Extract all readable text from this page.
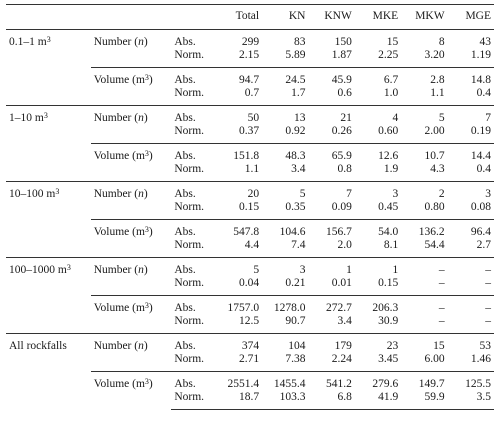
			Total	KN	KNW	MKE	MKW	MGE
0.1–1 $m^3$	Number (n)	Abs.	299	83	150	15	8	43
		Norm.	2.15	5.89	1.87	2.25	3.20	1.19
	Volume $(m^3)$	Abs.	94.7	24.5	45.9	6.7	2.8	14.8
		Norm.	0.7	1.7	0.6	1.0	1.1	0.4
1–10 $m^3$	Number (n)	Abs.	50	13	21	4	5	7
		Norm.	0.37	0.92	0.26	0.60	2.00	0.19
	Volume $(m^3)$	Abs.	151.8	48.3	65.9	12.6	10.7	14.4
		Norm.	1.1	3.4	0.8	1.9	4.3	0.4
10–100 $m^3$	Number (n)	Abs.	20	5	7	3	2	3
		Norm.	0.15	0.35	0.09	0.45	0.80	0.08
	Volume $(m^3)$	Abs.	547.8	104.6	156.7	54.0	136.2	96.4
		Norm.	4.4	7.4	2.0	8.1	54.4	2.7
100–1000 $m^3$	Number (n)	Abs.	5	3	1	1	–	–
		Norm.	0.04	0.21	0.01	0.15	–	–
	Volume $(m^3)$	Abs.	1757.0	1278.0	272.7	206.3	–	–
		Norm.	12.5	90.7	3.4	30.9	–	–
All rockfalls	Number (n)	Abs.	374	104	179	23	15	53
		Norm.	2.71	7.38	2.24	3.45	6.00	1.46
	Volume $(m^3)$	Abs.	2551.4	1455.4	541.2	279.6	149.7	125.5
		Norm.	18.7	103.3	6.8	41.9	59.9	3.5
